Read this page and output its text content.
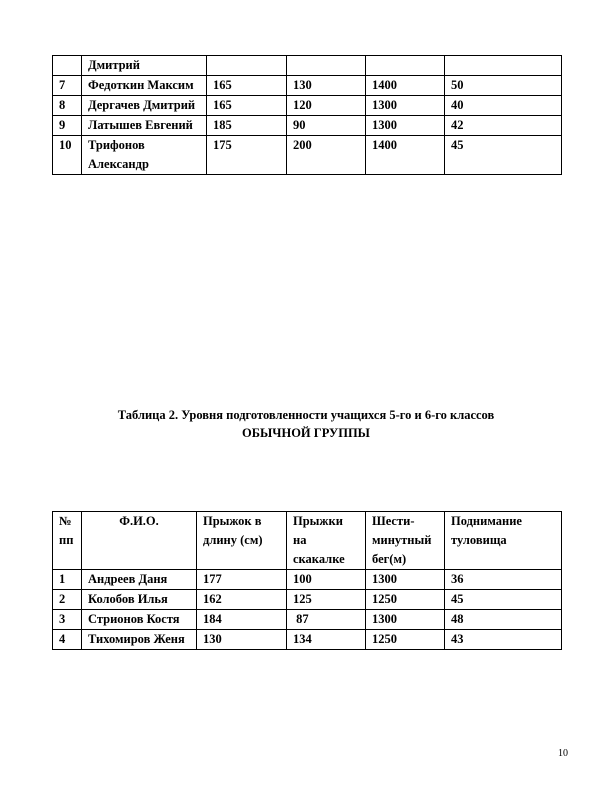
	Дмитрий				
7	Федоткин Максим	165	130	1400	50
8	Дергачев Дмитрий	165	120	1300	40
9	Латышев Евгений	185	90	1300	42
10	Трифонов Александр	175	200	1400	45
Таблица 2. Уровня подготовленности учащихся 5-го и 6-го классов
ОБЫЧНОЙ ГРУППЫ
№ пп	Ф.И.О.	Прыжок в длину (см)	Прыжки на скакалке	Шести-минутный бег(м)	Поднимание туловища
1	Андреев Даня	177	100	1300	36
2	Колобов Илья	162	125	1250	45
3	Стрионов Костя	184	87	1300	48
4	Тихомиров Женя	130	134	1250	43
10
